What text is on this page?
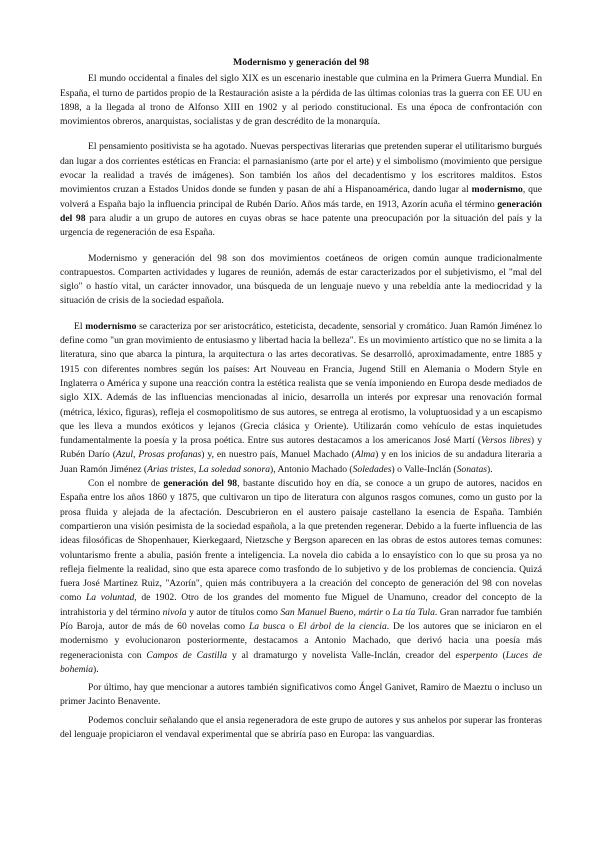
Modernismo y generación del 98

El mundo occidental a finales del siglo XIX es un escenario inestable que culmina en la Primera Guerra Mundial. En España, el turno de partidos propio de la Restauración asiste a la pérdida de las últimas colonias tras la guerra con EE UU en 1898, a la llegada al trono de Alfonso XIII en 1902 y al periodo constitucional. Es una época de confrontación con movimientos obreros, anarquistas, socialistas y de gran descrédito de la monarquía.

El pensamiento positivista se ha agotado. Nuevas perspectivas literarias que pretenden superar el utilitarismo burgués dan lugar a dos corrientes estéticas en Francia: el parnasianismo (arte por el arte) y el simbolismo (movimiento que persigue evocar la realidad a través de imágenes). Son también los años del decadentismo y los escritores malditos. Estos movimientos cruzan a Estados Unidos donde se funden y pasan de ahí a Hispanoamérica, dando lugar al modernismo, que volverá a España bajo la influencia principal de Rubén Darío. Años más tarde, en 1913, Azorín acuña el término generación del 98 para aludir a un grupo de autores en cuyas obras se hace patente una preocupación por la situación del país y la urgencia de regeneración de esa España.

Modernismo y generación del 98 son dos movimientos coetáneos de origen común aunque tradicionalmente contrapuestos. Comparten actividades y lugares de reunión, además de estar caracterizados por el subjetivismo, el "mal del siglo" o hastío vital, un carácter innovador, una búsqueda de un lenguaje nuevo y una rebeldía ante la mediocridad y la situación de crisis de la sociedad española.

El modernismo se caracteriza por ser aristocrático, esteticista, decadente, sensorial y cromático. Juan Ramón Jiménez lo define como "un gran movimiento de entusiasmo y libertad hacia la belleza". Es un movimiento artístico que no se limita a la literatura, sino que abarca la pintura, la arquitectura o las artes decorativas. Se desarrolló, aproximadamente, entre 1885 y 1915 con diferentes nombres según los países: Art Nouveau en Francia, Jugend Still en Alemania o Modern Style en Inglaterra o América y supone una reacción contra la estética realista que se venía imponiendo en Europa desde mediados de siglo XIX. Además de las influencias mencionadas al inicio, desarrolla un interés por expresar una renovación formal (métrica, léxico, figuras), refleja el cosmopolitismo de sus autores, se entrega al erotismo, la voluptuosidad y a un escapismo que les lleva a mundos exóticos y lejanos (Grecia clásica y Oriente). Utilizarán como vehículo de estas inquietudes fundamentalmente la poesía y la prosa poética. Entre sus autores destacamos a los americanos José Martí (Versos libres) y Rubén Darío (Azul, Prosas profanas) y, en nuestro país, Manuel Machado (Alma) y en los inicios de su andadura literaria a Juan Ramón Jiménez (Arias tristes, La soledad sonora), Antonio Machado (Soledades) o Valle-Inclán (Sonatas).

Con el nombre de generación del 98, bastante discutido hoy en día, se conoce a un grupo de autores, nacidos en España entre los años 1860 y 1875, que cultivaron un tipo de literatura con algunos rasgos comunes, como un gusto por la prosa fluida y alejada de la afectación. Descubrieron en el austero paisaje castellano la esencia de España. También compartieron una visión pesimista de la sociedad española, a la que pretenden regenerar. Debido a la fuerte influencia de las ideas filosóficas de Shopenhauer, Kierkegaard, Nietzsche y Bergson aparecen en las obras de estos autores temas comunes: voluntarismo frente a abulia, pasión frente a inteligencia. La novela dio cabida a lo ensayístico con lo que su prosa ya no refleja fielmente la realidad, sino que esta aparece como trasfondo de lo subjetivo y de los problemas de conciencia. Quizá fuera José Martínez Ruiz, "Azorín", quien más contribuyera a la creación del concepto de generación del 98 con novelas como La voluntad, de 1902. Otro de los grandes del momento fue Miguel de Unamuno, creador del concepto de la intrahistoria y del término nivola y autor de títulos como San Manuel Bueno, mártir o La tía Tula. Gran narrador fue también Pío Baroja, autor de más de 60 novelas como La busca o El árbol de la ciencia. De los autores que se iniciaron en el modernismo y evolucionaron posteriormente, destacamos a Antonio Machado, que derivó hacia una poesía más regeneracionista con Campos de Castilla y al dramaturgo y novelista Valle-Inclán, creador del esperpento (Luces de bohemia).

Por último, hay que mencionar a autores también significativos como Ángel Ganivet, Ramiro de Maeztu o incluso un primer Jacinto Benavente.

Podemos concluir señalando que el ansia regeneradora de este grupo de autores y sus anhelos por superar las fronteras del lenguaje propiciaron el vendaval experimental que se abriría paso en Europa: las vanguardias.
